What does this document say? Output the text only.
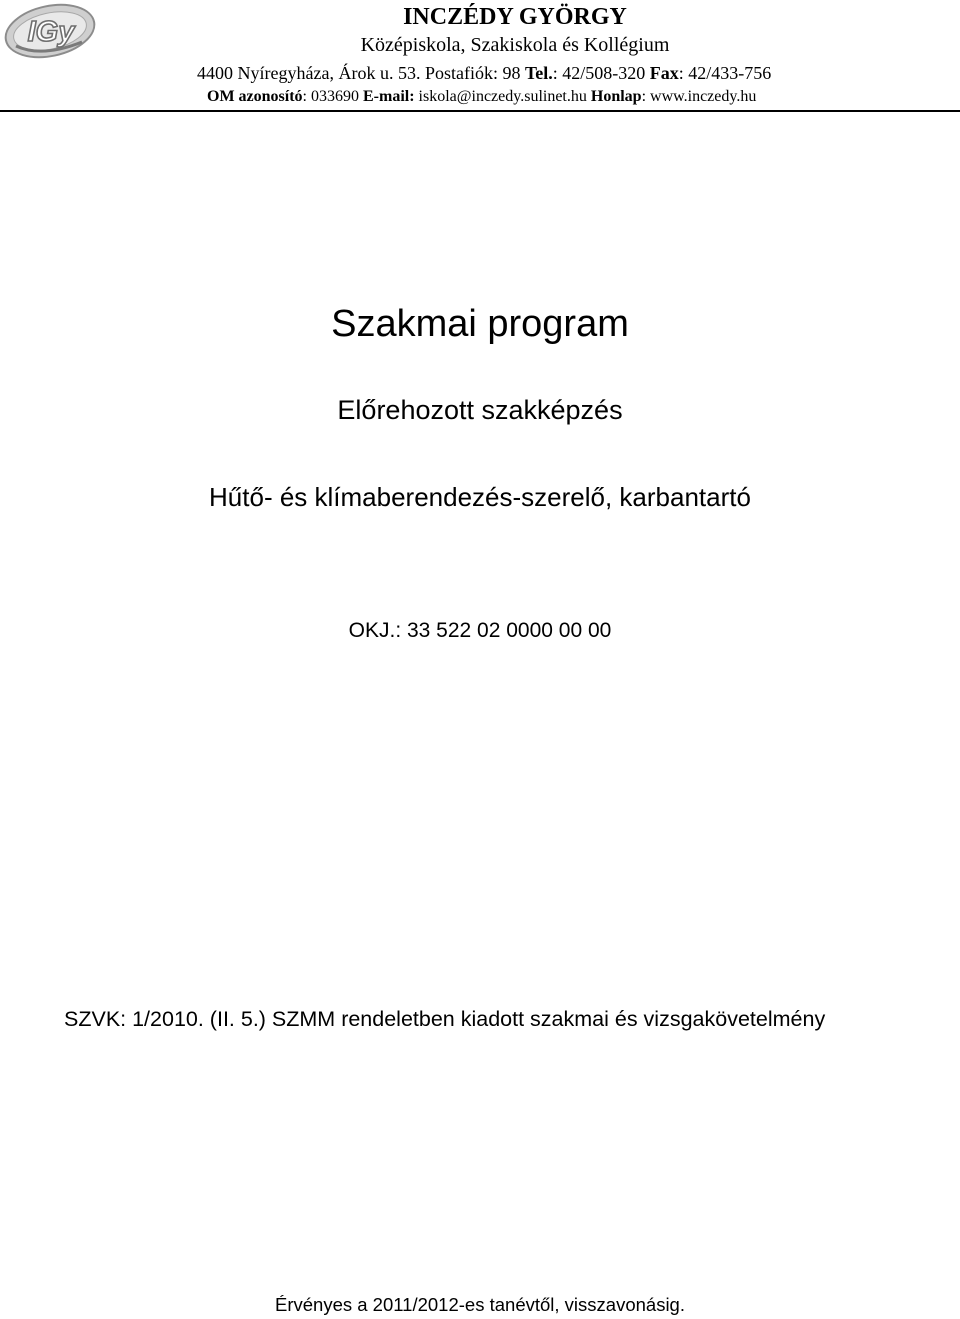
IGy	INCZÉDY GYÖRGY
Középiskola, Szakiskola és Kollégium
4400 Nyíregyháza, Árok u. 53. Postafiók: 98 Tel.: 42/508-320 Fax: 42/433-756
OM azonosító: 033690 E-mail: iskola@inczedy.sulinet.hu Honlap: www.inczedy.hu
Szakmai program
Előrehozott szakképzés
Hűtő- és klímaberendezés-szerelő, karbantartó
OKJ.: 33 522 02 0000 00 00
SZVK: 1/2010. (II. 5.) SZMM rendeletben kiadott szakmai és vizsgakövetelmény
Érvényes a 2011/2012-es tanévtől, visszavonásig.
